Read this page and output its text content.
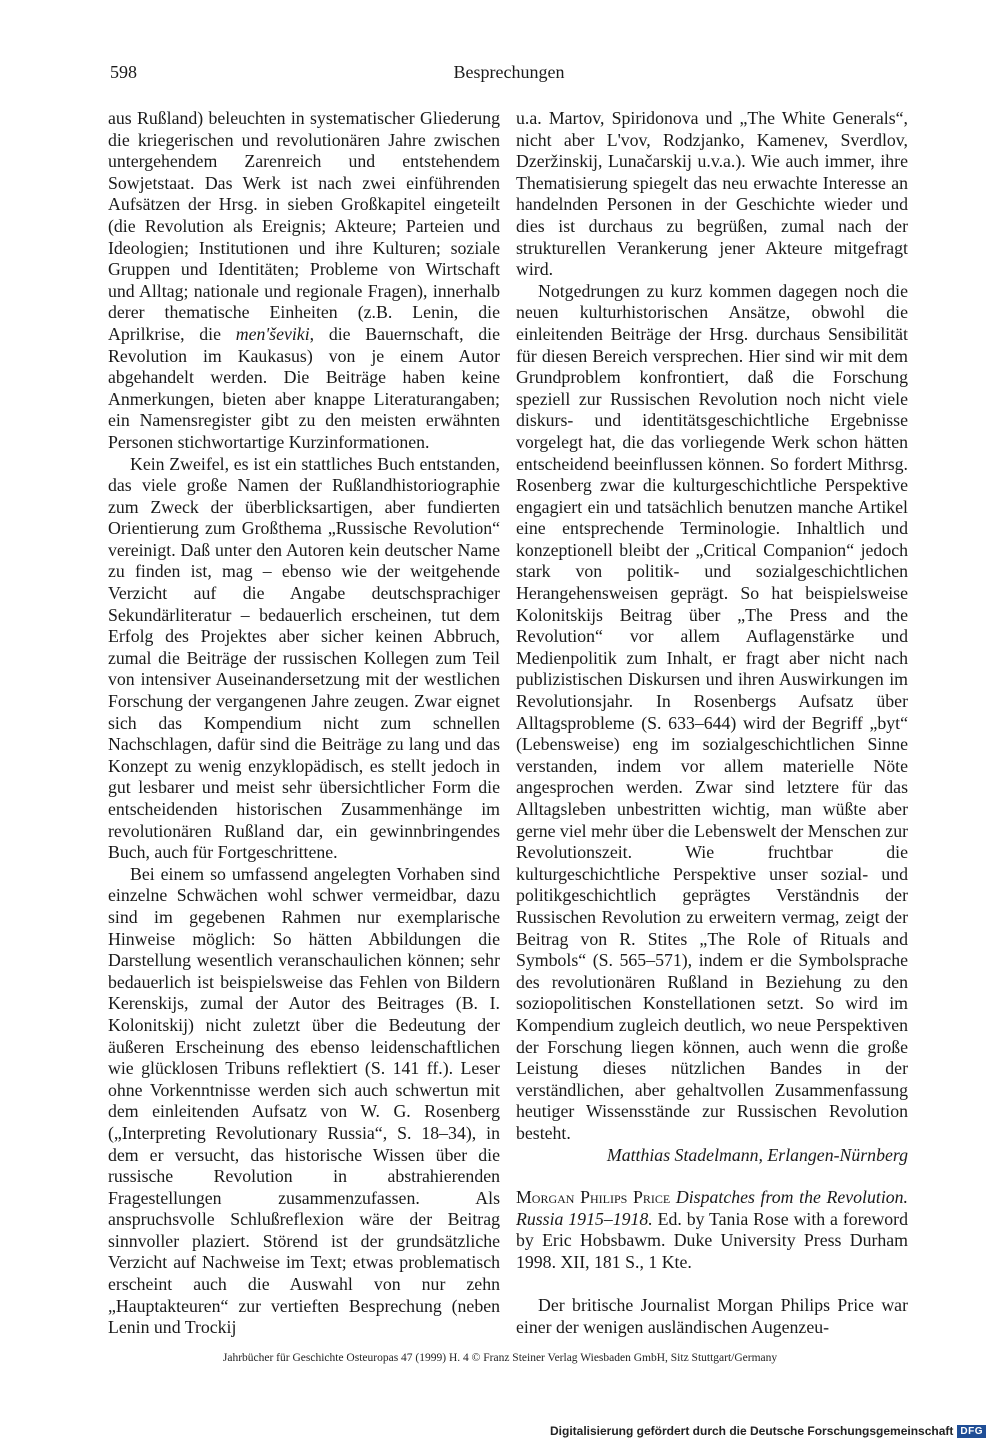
598	Besprechungen

aus Rußland) beleuchten in systematischer Gliederung die kriegerischen und revolutionären Jahre zwischen untergehendem Zarenreich und entstehendem Sowjetstaat. Das Werk ist nach zwei einführenden Aufsätzen der Hrsg. in sieben Großkapitel eingeteilt (die Revolution als Ereignis; Akteure; Parteien und Ideologien; Institutionen und ihre Kulturen; soziale Gruppen und Identitäten; Probleme von Wirtschaft und Alltag; nationale und regionale Fragen), innerhalb derer thematische Einheiten (z.B. Lenin, die Aprilkrise, die men'ševiki, die Bauernschaft, die Revolution im Kaukasus) von je einem Autor abgehandelt werden. Die Beiträge haben keine Anmerkungen, bieten aber knappe Literaturangaben; ein Namensregister gibt zu den meisten erwähnten Personen stichwortartige Kurzinformationen.

Kein Zweifel, es ist ein stattliches Buch entstanden, das viele große Namen der Rußlandhistoriographie zum Zweck der überblicksartigen, aber fundierten Orientierung zum Großthema „Russische Revolution“ vereinigt. Daß unter den Autoren kein deutscher Name zu finden ist, mag – ebenso wie der weitgehende Verzicht auf die Angabe deutschsprachiger Sekundärliteratur – bedauerlich erscheinen, tut dem Erfolg des Projektes aber sicher keinen Abbruch, zumal die Beiträge der russischen Kollegen zum Teil von intensiver Auseinandersetzung mit der westlichen Forschung der vergangenen Jahre zeugen. Zwar eignet sich das Kompendium nicht zum schnellen Nachschlagen, dafür sind die Beiträge zu lang und das Konzept zu wenig enzyklopädisch, es stellt jedoch in gut lesbarer und meist sehr übersichtlicher Form die entscheidenden historischen Zusammenhänge im revolutionären Rußland dar, ein gewinnbringendes Buch, auch für Fortgeschrittene.

Bei einem so umfassend angelegten Vorhaben sind einzelne Schwächen wohl schwer vermeidbar, dazu sind im gegebenen Rahmen nur exemplarische Hinweise möglich: So hätten Abbildungen die Darstellung wesentlich veranschaulichen können; sehr bedauerlich ist beispielsweise das Fehlen von Bildern Kerenskijs, zumal der Autor des Beitrages (B. I. Kolonitskij) nicht zuletzt über die Bedeutung der äußeren Erscheinung des ebenso leidenschaftlichen wie glücklosen Tribuns reflektiert (S. 141 ff.). Leser ohne Vorkenntnisse werden sich auch schwertun mit dem einleitenden Aufsatz von W. G. Rosenberg („Interpreting Revolutionary Russia“, S. 18–34), in dem er versucht, das historische Wissen über die russische Revolution in abstrahierenden Fragestellungen zusammenzufassen. Als anspruchsvolle Schlußreflexion wäre der Beitrag sinnvoller plaziert. Störend ist der grundsätzliche Verzicht auf Nachweise im Text; etwas problematisch erscheint auch die Auswahl von nur zehn „Hauptakteuren“ zur vertieften Besprechung (neben Lenin und Trockij

u.a. Martov, Spiridonova und „The White Generals“, nicht aber L'vov, Rodzjanko, Kamenev, Sverdlov, Dzeržinskij, Lunačarskij u.v.a.). Wie auch immer, ihre Thematisierung spiegelt das neu erwachte Interesse an handelnden Personen in der Geschichte wieder und dies ist durchaus zu begrüßen, zumal nach der strukturellen Verankerung jener Akteure mitgefragt wird.

Notgedrungen zu kurz kommen dagegen noch die neuen kulturhistorischen Ansätze, obwohl die einleitenden Beiträge der Hrsg. durchaus Sensibilität für diesen Bereich versprechen. Hier sind wir mit dem Grundproblem konfrontiert, daß die Forschung speziell zur Russischen Revolution noch nicht viele diskurs- und identitätsgeschichtliche Ergebnisse vorgelegt hat, die das vorliegende Werk schon hätten entscheidend beeinflussen können. So fordert Mithrsg. Rosenberg zwar die kulturgeschichtliche Perspektive engagiert ein und tatsächlich benutzen manche Artikel eine entsprechende Terminologie. Inhaltlich und konzeptionell bleibt der „Critical Companion“ jedoch stark von politik- und sozialgeschichtlichen Herangehensweisen geprägt. So hat beispielsweise Kolonitskijs Beitrag über „The Press and the Revolution“ vor allem Auflagenstärke und Medienpolitik zum Inhalt, er fragt aber nicht nach publizistischen Diskursen und ihren Auswirkungen im Revolutionsjahr. In Rosenbergs Aufsatz über Alltagsprobleme (S. 633–644) wird der Begriff „byt“ (Lebensweise) eng im sozialgeschichtlichen Sinne verstanden, indem vor allem materielle Nöte angesprochen werden. Zwar sind letztere für das Alltagsleben unbestritten wichtig, man wüßte aber gerne viel mehr über die Lebenswelt der Menschen zur Revolutionszeit. Wie fruchtbar die kulturgeschichtliche Perspektive unser sozial- und politikgeschichtlich geprägtes Verständnis der Russischen Revolution zu erweitern vermag, zeigt der Beitrag von R. Stites „The Role of Rituals and Symbols“ (S. 565–571), indem er die Symbolsprache des revolutionären Rußland in Beziehung zu den soziopolitischen Konstellationen setzt. So wird im Kompendium zugleich deutlich, wo neue Perspektiven der Forschung liegen können, auch wenn die große Leistung dieses nützlichen Bandes in der verständlichen, aber gehaltvollen Zusammenfassung heutiger Wissensstände zur Russischen Revolution besteht.

Matthias Stadelmann, Erlangen-Nürnberg

Morgan Philips Price Dispatches from the Revolution. Russia 1915–1918. Ed. by Tania Rose with a foreword by Eric Hobsbawm. Duke University Press Durham 1998. XII, 181 S., 1 Kte.

Der britische Journalist Morgan Philips Price war einer der wenigen ausländischen Augenzeu-

Jahrbücher für Geschichte Osteuropas 47 (1999) H. 4 © Franz Steiner Verlag Wiesbaden GmbH, Sitz Stuttgart/Germany
Digitalisierung gefördert durch die Deutsche Forschungsgemeinschaft DFG
